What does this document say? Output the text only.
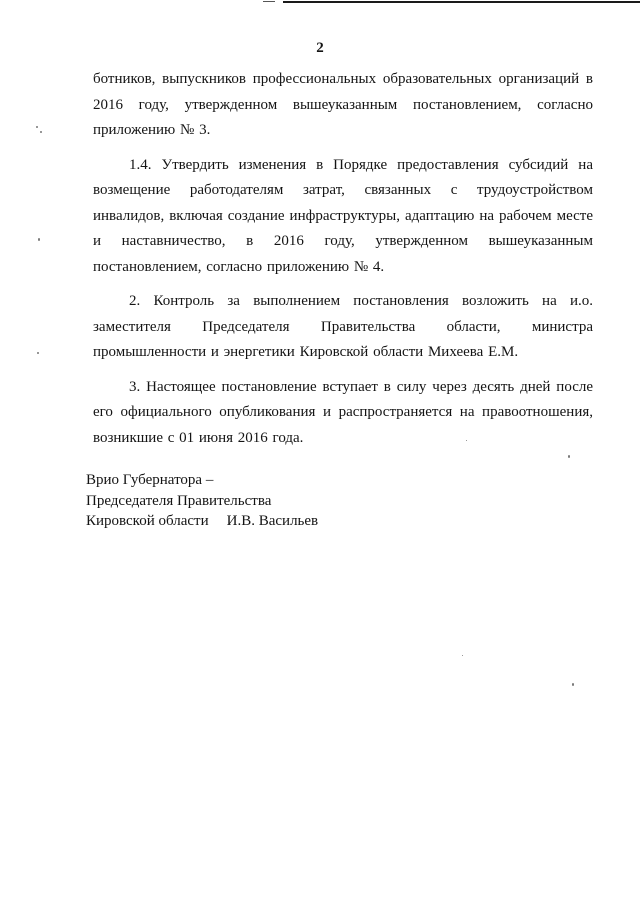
2

ботников, выпускников профессиональных образовательных организаций в 2016 году, утвержденном вышеуказанным постановлением, согласно приложению № 3.

1.4. Утвердить изменения в Порядке предоставления субсидий на возмещение работодателям затрат, связанных с трудоустройством инвалидов, включая создание инфраструктуры, адаптацию на рабочем месте и наставничество, в 2016 году, утвержденном вышеуказанным постановлением, согласно приложению № 4.

2. Контроль за выполнением постановления возложить на и.о. заместителя Председателя Правительства области, министра промышленности и энергетики Кировской области Михеева Е.М.

3. Настоящее постановление вступает в силу через десять дней после его официального опубликования и распространяется на правоотношения, возникшие с 01 июня 2016 года.

Врио Губернатора –
Председателя Правительства
Кировской области И.В. Васильев
